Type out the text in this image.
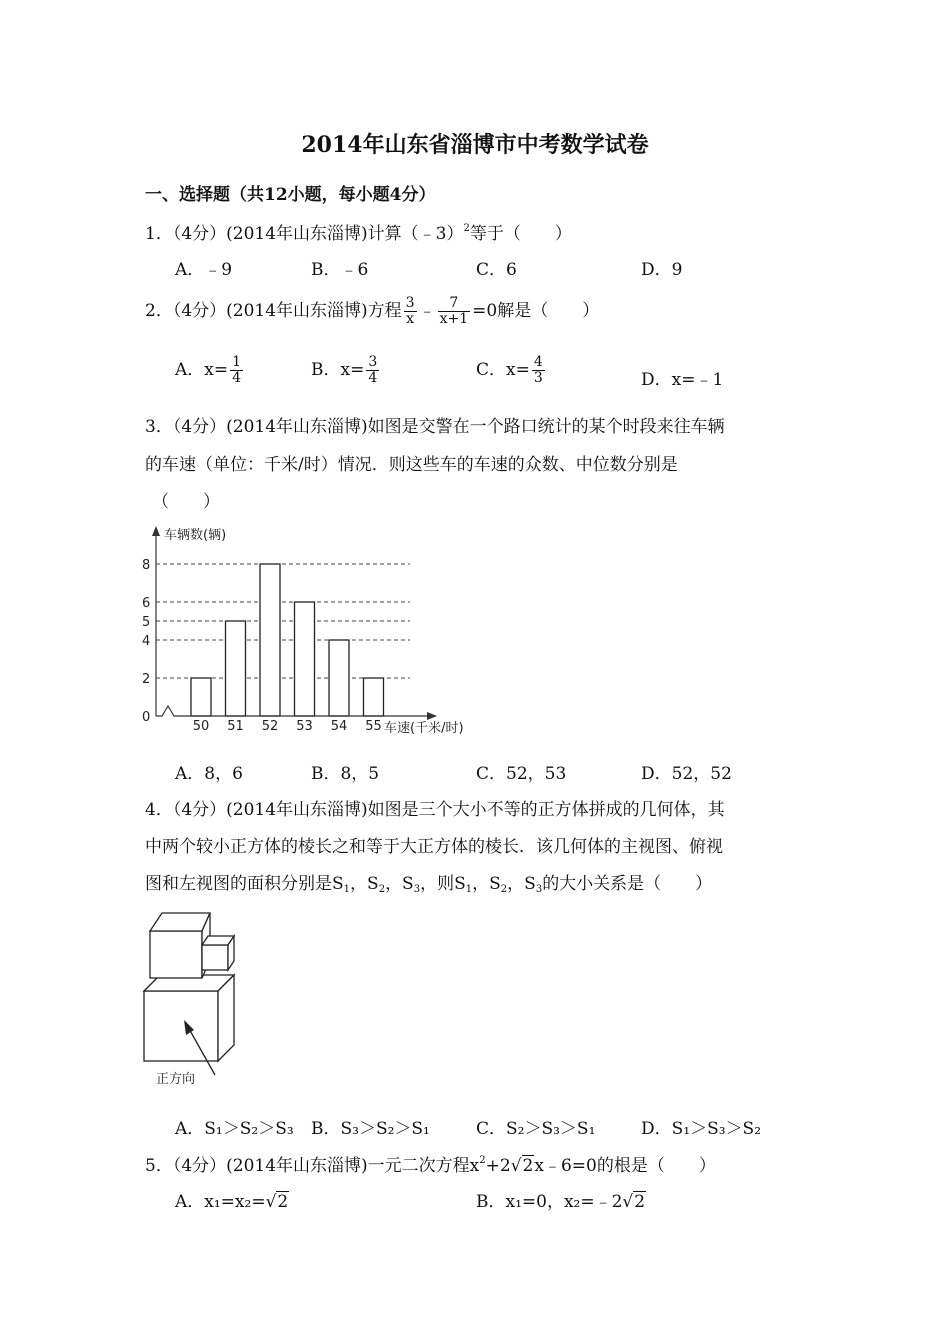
2014年山东省淄博市中考数学试卷
一、选择题（共12小题，每小题4分）
1．（4分）(2014年山东淄博)计算（﹣3）$^2$等于（　　）
A．﹣9	B．﹣6	C．6	D．9
2．（4分）(2014年山东淄博)方程 $\frac{3}{x}$ ﹣ $\frac{7}{x+1} =0$解是（　　）
A．$x= \frac{1}{4}$	B．$x= \frac{3}{4}$	C．$x= \frac{4}{3}$	D．x=﹣1
3．（4分）(2014年山东淄博)如图是交警在一个路口统计的某个时段来往车辆
的车速（单位：千米/时）情况．则这些车的车速的众数、中位数分别是
（　　）
0
2
4
5
6
8
50 51 52 53 54 55
车辆数(辆)
车速(千米/时)
A．8，6	B．8，5	C．52，53	D．52，52
4．（4分）(2014年山东淄博)如图是三个大小不等的正方体拼成的几何体，其
中两个较小正方体的棱长之和等于大正方体的棱长．该几何体的主视图、俯视
图和左视图的面积分别是$S_1$，$S_2$，$S_3$，则$S_1$，$S_2$，$S_3$的大小关系是（　　）
正方向
A．S₁＞S₂＞S₃ B．S₃＞S₂＞S₁	C．S₂＞S₃＞S₁	D．S₁＞S₃＞S₂
5．（4分）(2014年山东淄博)一元二次方程$x^2+2√2x﹣6=0$的根是（　　）
A．x₁=x₂=√2	B．x₁=0，x₂=﹣2√2
